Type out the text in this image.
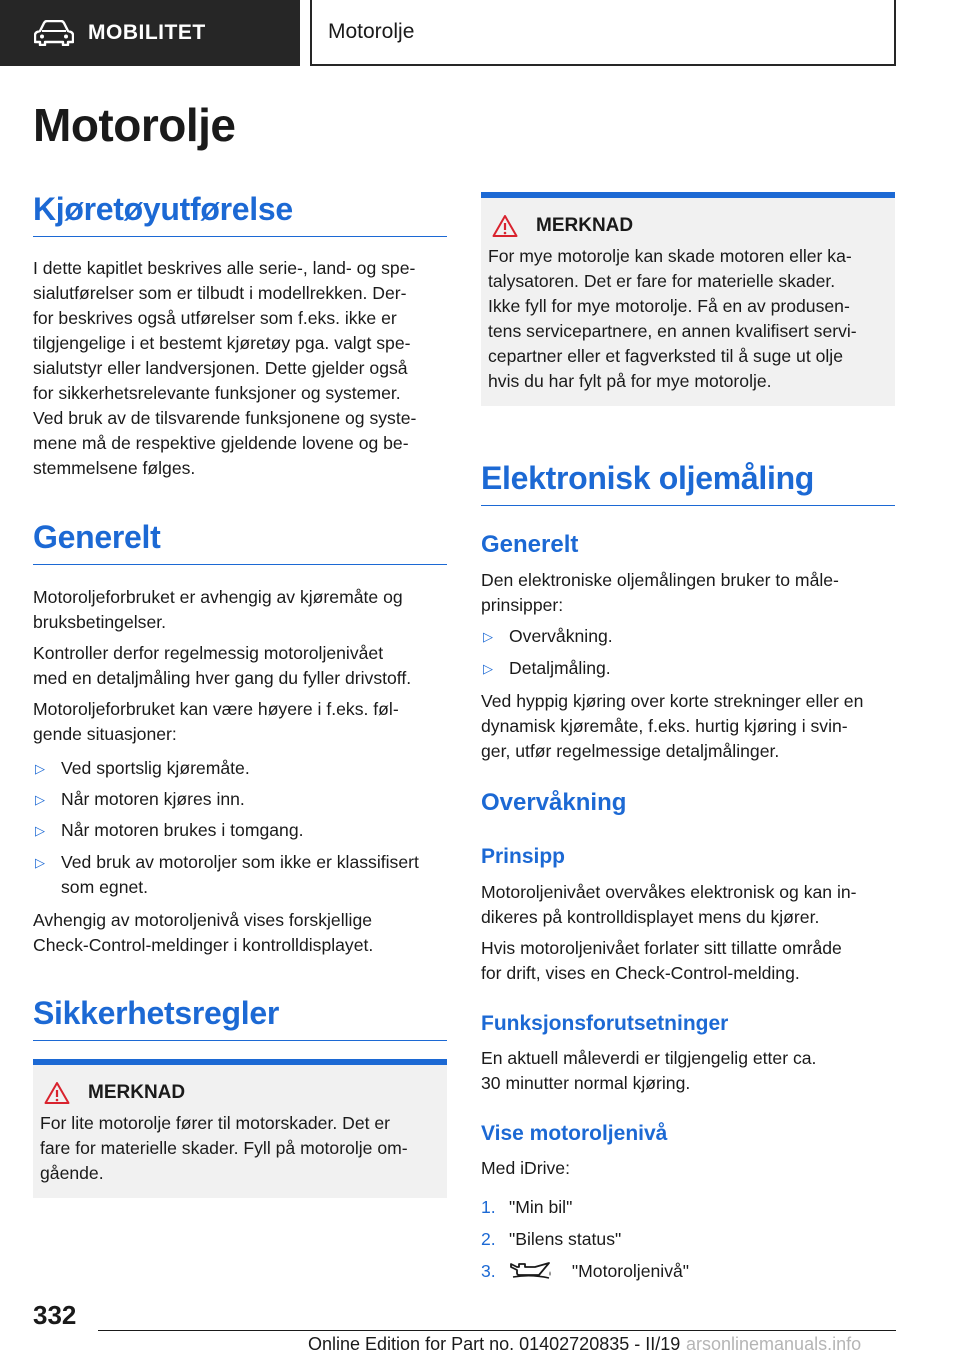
MOBILITET	Motorolje
Motorolje
Kjøretøyutførelse
I dette kapitlet beskrives alle serie-, land- og spe-
sialutførelser som er tilbudt i modellrekken. Der-
for beskrives også utførelser som f.eks. ikke er
tilgjengelige i et bestemt kjøretøy pga. valgt spe-
sialutstyr eller landversjonen. Dette gjelder også
for sikkerhetsrelevante funksjoner og systemer.
Ved bruk av de tilsvarende funksjonene og syste-
mene må de respektive gjeldende lovene og be-
stemmelsene følges.
Generelt
Motoroljeforbruket er avhengig av kjøremåte og
bruksbetingelser.
Kontroller derfor regelmessig motoroljenivået
med en detaljmåling hver gang du fyller drivstoff.
Motoroljeforbruket kan være høyere i f.eks. føl-
gende situasjoner:
▷ Ved sportslig kjøremåte.
▷ Når motoren kjøres inn.
▷ Når motoren brukes i tomgang.
▷ Ved bruk av motoroljer som ikke er klassifisert
som egnet.
Avhengig av motoroljenivå vises forskjellige
Check-Control-meldinger i kontrolldisplayet.
Sikkerhetsregler
MERKNAD
For lite motorolje fører til motorskader. Det er
fare for materielle skader. Fyll på motorolje om-
gående.
MERKNAD
For mye motorolje kan skade motoren eller ka-
talysatoren. Det er fare for materielle skader.
Ikke fyll for mye motorolje. Få en av produsen-
tens servicepartnere, en annen kvalifisert servi-
cepartner eller et fagverksted til å suge ut olje
hvis du har fylt på for mye motorolje.
Elektronisk oljemåling
Generelt
Den elektroniske oljemålingen bruker to måle-
prinsipper:
▷ Overvåkning.
▷ Detaljmåling.
Ved hyppig kjøring over korte strekninger eller en
dynamisk kjøremåte, f.eks. hurtig kjøring i svin-
ger, utfør regelmessige detaljmålinger.
Overvåkning
Prinsipp
Motoroljenivået overvåkes elektronisk og kan in-
dikeres på kontrolldisplayet mens du kjører.
Hvis motoroljenivået forlater sitt tillatte område
for drift, vises en Check-Control-melding.
Funksjonsforutsetninger
En aktuell måleverdi er tilgjengelig etter ca.
30 minutter normal kjøring.
Vise motoroljenivå
Med iDrive:
1. "Min bil"
2. "Bilens status"
3.	"Motoroljenivå"
332
Online Edition for Part no. 01402720835 - II/19 arsonlinemanuals.info
